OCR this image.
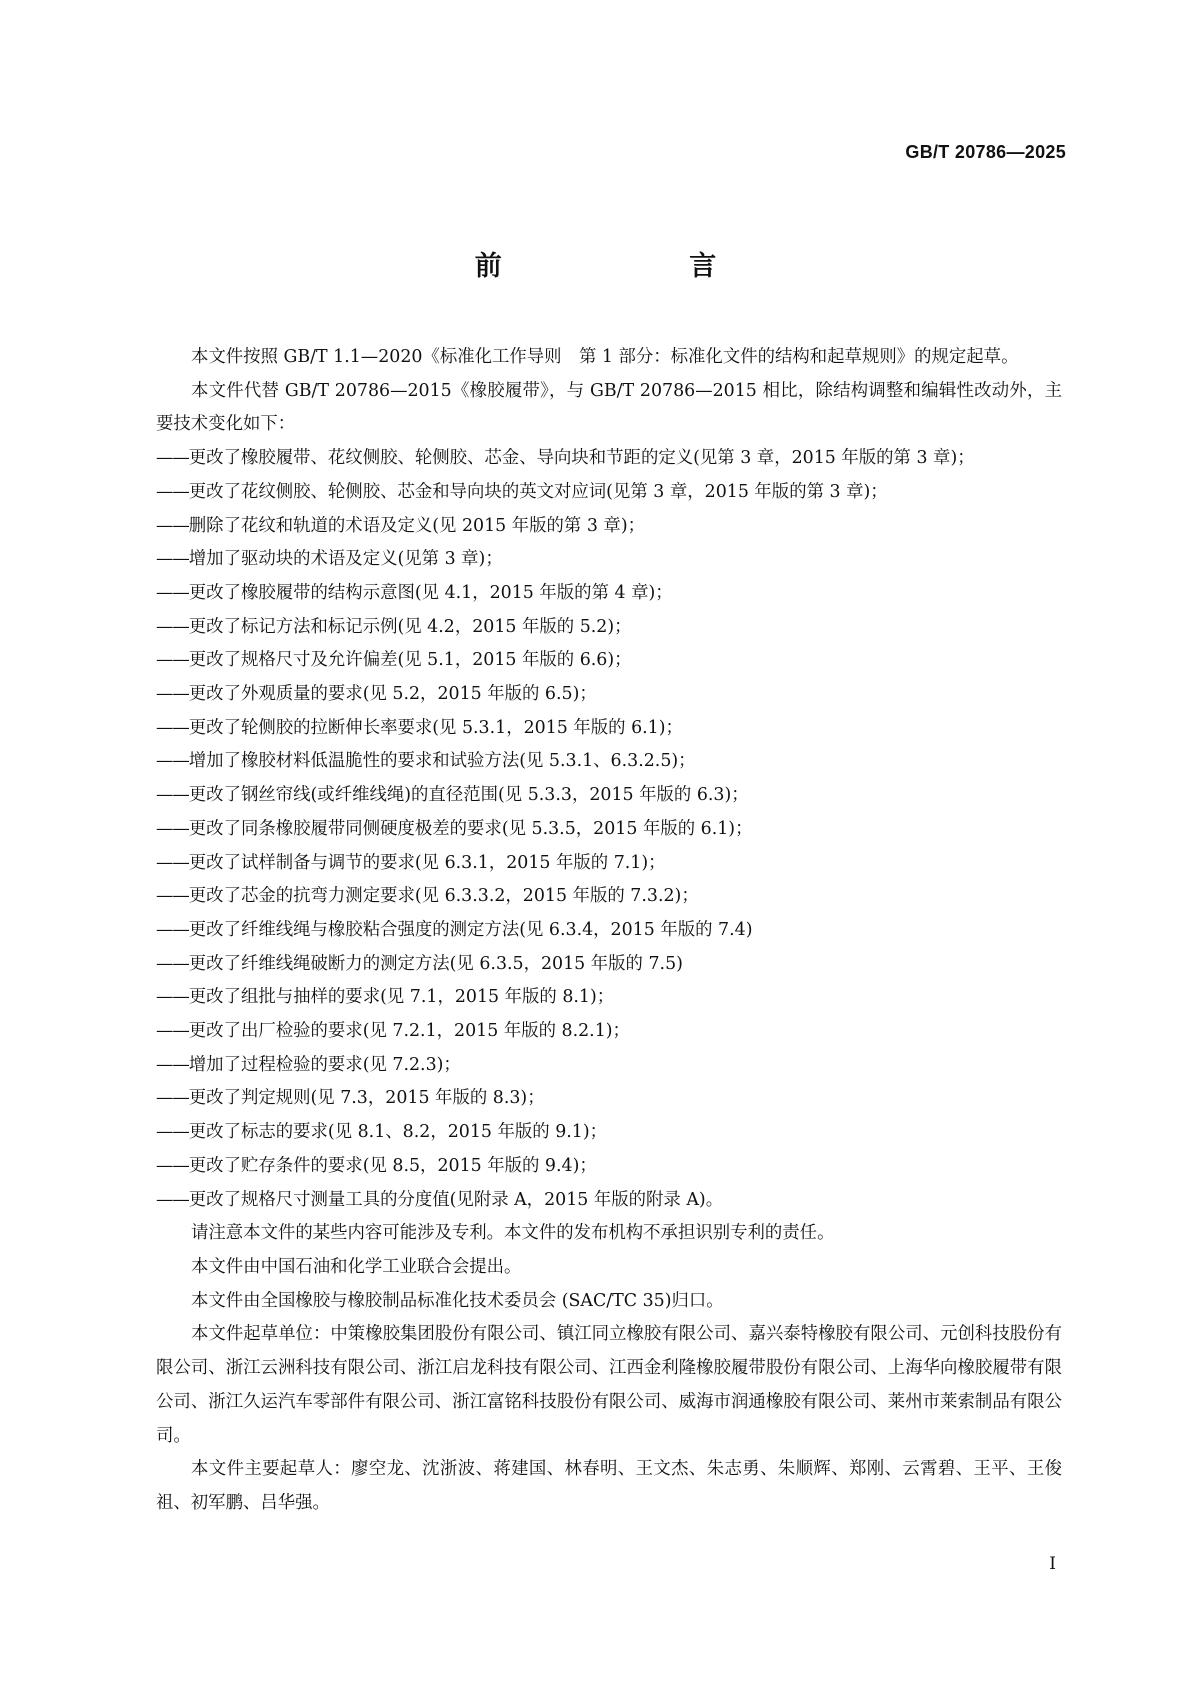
GB/T 20786—2025
前 言

本文件按照 GB/T 1.1—2020《标准化工作导则　第 1 部分：标准化文件的结构和起草规则》的规定起草。

本文件代替 GB/T 20786—2015《橡胶履带》，与 GB/T 20786—2015 相比，除结构调整和编辑性改动外，主要技术变化如下：

——更改了橡胶履带、花纹侧胶、轮侧胶、芯金、导向块和节距的定义(见第 3 章，2015 年版的第 3 章)；

——更改了花纹侧胶、轮侧胶、芯金和导向块的英文对应词(见第 3 章，2015 年版的第 3 章)；

——删除了花纹和轨道的术语及定义(见 2015 年版的第 3 章)；

——增加了驱动块的术语及定义(见第 3 章)；

——更改了橡胶履带的结构示意图(见 4.1，2015 年版的第 4 章)；

——更改了标记方法和标记示例(见 4.2，2015 年版的 5.2)；

——更改了规格尺寸及允许偏差(见 5.1，2015 年版的 6.6)；

——更改了外观质量的要求(见 5.2，2015 年版的 6.5)；

——更改了轮侧胶的拉断伸长率要求(见 5.3.1，2015 年版的 6.1)；

——增加了橡胶材料低温脆性的要求和试验方法(见 5.3.1、6.3.2.5)；

——更改了钢丝帘线(或纤维线绳)的直径范围(见 5.3.3，2015 年版的 6.3)；

——更改了同条橡胶履带同侧硬度极差的要求(见 5.3.5，2015 年版的 6.1)；

——更改了试样制备与调节的要求(见 6.3.1，2015 年版的 7.1)；

——更改了芯金的抗弯力测定要求(见 6.3.3.2，2015 年版的 7.3.2)；

——更改了纤维线绳与橡胶粘合强度的测定方法(见 6.3.4，2015 年版的 7.4)

——更改了纤维线绳破断力的测定方法(见 6.3.5，2015 年版的 7.5)

——更改了组批与抽样的要求(见 7.1，2015 年版的 8.1)；

——更改了出厂检验的要求(见 7.2.1，2015 年版的 8.2.1)；

——增加了过程检验的要求(见 7.2.3)；

——更改了判定规则(见 7.3，2015 年版的 8.3)；

——更改了标志的要求(见 8.1、8.2，2015 年版的 9.1)；

——更改了贮存条件的要求(见 8.5，2015 年版的 9.4)；

——更改了规格尺寸测量工具的分度值(见附录 A，2015 年版的附录 A)。

请注意本文件的某些内容可能涉及专利。本文件的发布机构不承担识别专利的责任。

本文件由中国石油和化学工业联合会提出。

本文件由全国橡胶与橡胶制品标准化技术委员会 (SAC/TC 35)归口。

本文件起草单位：中策橡胶集团股份有限公司、镇江同立橡胶有限公司、嘉兴泰特橡胶有限公司、元创科技股份有限公司、浙江云洲科技有限公司、浙江启龙科技有限公司、江西金利隆橡胶履带股份有限公司、上海华向橡胶履带有限公司、浙江久运汽车零部件有限公司、浙江富铭科技股份有限公司、威海市润通橡胶有限公司、莱州市莱索制品有限公司。

本文件主要起草人：廖空龙、沈浙波、蒋建国、林春明、王文杰、朱志勇、朱顺辉、郑刚、云霄碧、王平、王俊祖、初军鹏、吕华强。

I
